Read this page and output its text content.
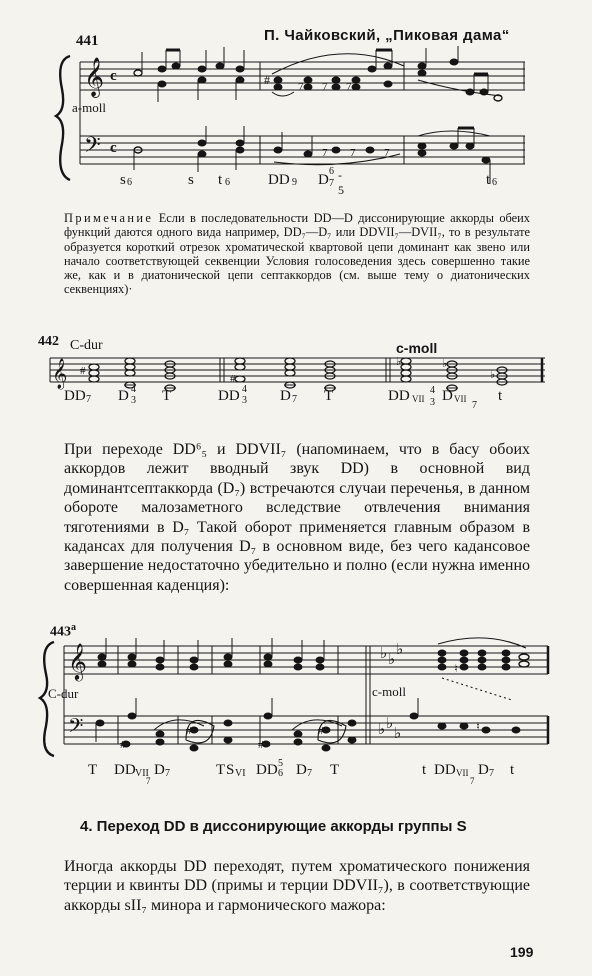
441	П. Чайковский, „Пиковая дама“
𝄞
𝄢
c
c
#	7 7 7
a-moll
7 7	7
s 6	s t 6	DD 9 D
6
7
- 5
t 6
Примечание Если в последовательности DD—D диссонирующие аккорды обеих функций даются одного вида например, DD₇—D₇ или DDVII₇—DVII₇, то в результате образуется короткий отрезок хроматической квартовой цепи доминант как звено или начало соответствующей секвенции Условия голосоведения здесь совершенно такие же, как и в диатонической цепи септаккордов (см. выше тему о диатонических секвенциях)·
442 C-dur	c-moll
𝄞 #
#
♭	♭
♭
DD 7 D 4
3 T	DD 4
3 D 7 T	DD VII
4
3 D VII
7
t
При переходе DD⁶₅ и DDVII₇ (напоминаем, что в басу обоих аккордов лежит вводный звук DD) в основной вид доминантсептаккорда (D₇) встречаются случаи переченья, в данном обороте малозаметного вследствие отвлечения внимания тяготениями в D₇ Такой оборот применяется главным образом в кадансах для получения D₇ в основном виде, без чего кадансовое завершение недостаточно убедительно и полно (если нужна именно совершенная каденция):
$443^а$
𝄞
𝄢
♭ ♭
♭
♭ ♭
♭
#
#
#
#
♮
♮
C-dur	c-moll
T DD VII
7
D 7	T S VI DD 6
5 D 7 T	t DD VII
7
D 7 t
4. Переход DD в диссонирующие аккорды группы S
Иногда аккорды DD переходят, путем хроматического понижения терции и квинты DD (примы и терции DDVII₇), в соответствующие аккорды sII₇ минора и гармонического мажора:
199
